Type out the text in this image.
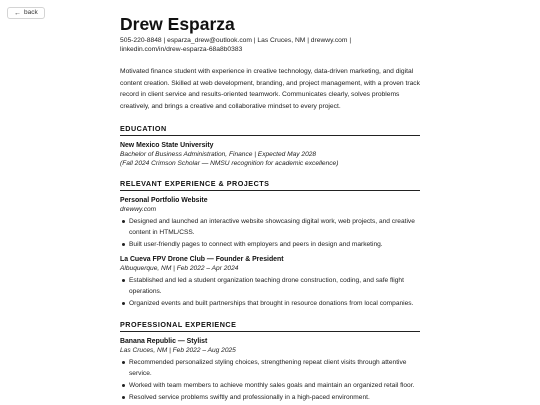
← back
Drew Esparza
505-220-8848 | esparza_drew@outlook.com | Las Cruces, NM | drewwy.com |
linkedin.com/in/drew-esparza-68a8b0383
Motivated finance student with experience in creative technology, data-driven marketing, and digital content creation. Skilled at web development, branding, and project management, with a proven track record in client service and results-oriented teamwork. Communicates clearly, solves problems creatively, and brings a creative and collaborative mindset to every project.
EDUCATION
New Mexico State University
Bachelor of Business Administration, Finance | Expected May 2028
(Fall 2024 Crimson Scholar — NMSU recognition for academic excellence)
RELEVANT EXPERIENCE & PROJECTS
Personal Portfolio Website
drewwy.com
Designed and launched an interactive website showcasing digital work, web projects, and creative content in HTML/CSS.
Built user-friendly pages to connect with employers and peers in design and marketing.
La Cueva FPV Drone Club — Founder & President
Albuquerque, NM | Feb 2022 – Apr 2024
Established and led a student organization teaching drone construction, coding, and safe flight operations.
Organized events and built partnerships that brought in resource donations from local companies.
PROFESSIONAL EXPERIENCE
Banana Republic — Stylist
Las Cruces, NM | Feb 2022 – Aug 2025
Recommended personalized styling choices, strengthening repeat client visits through attentive service.
Worked with team members to achieve monthly sales goals and maintain an organized retail floor.
Resolved service problems swiftly and professionally in a high-paced environment.
